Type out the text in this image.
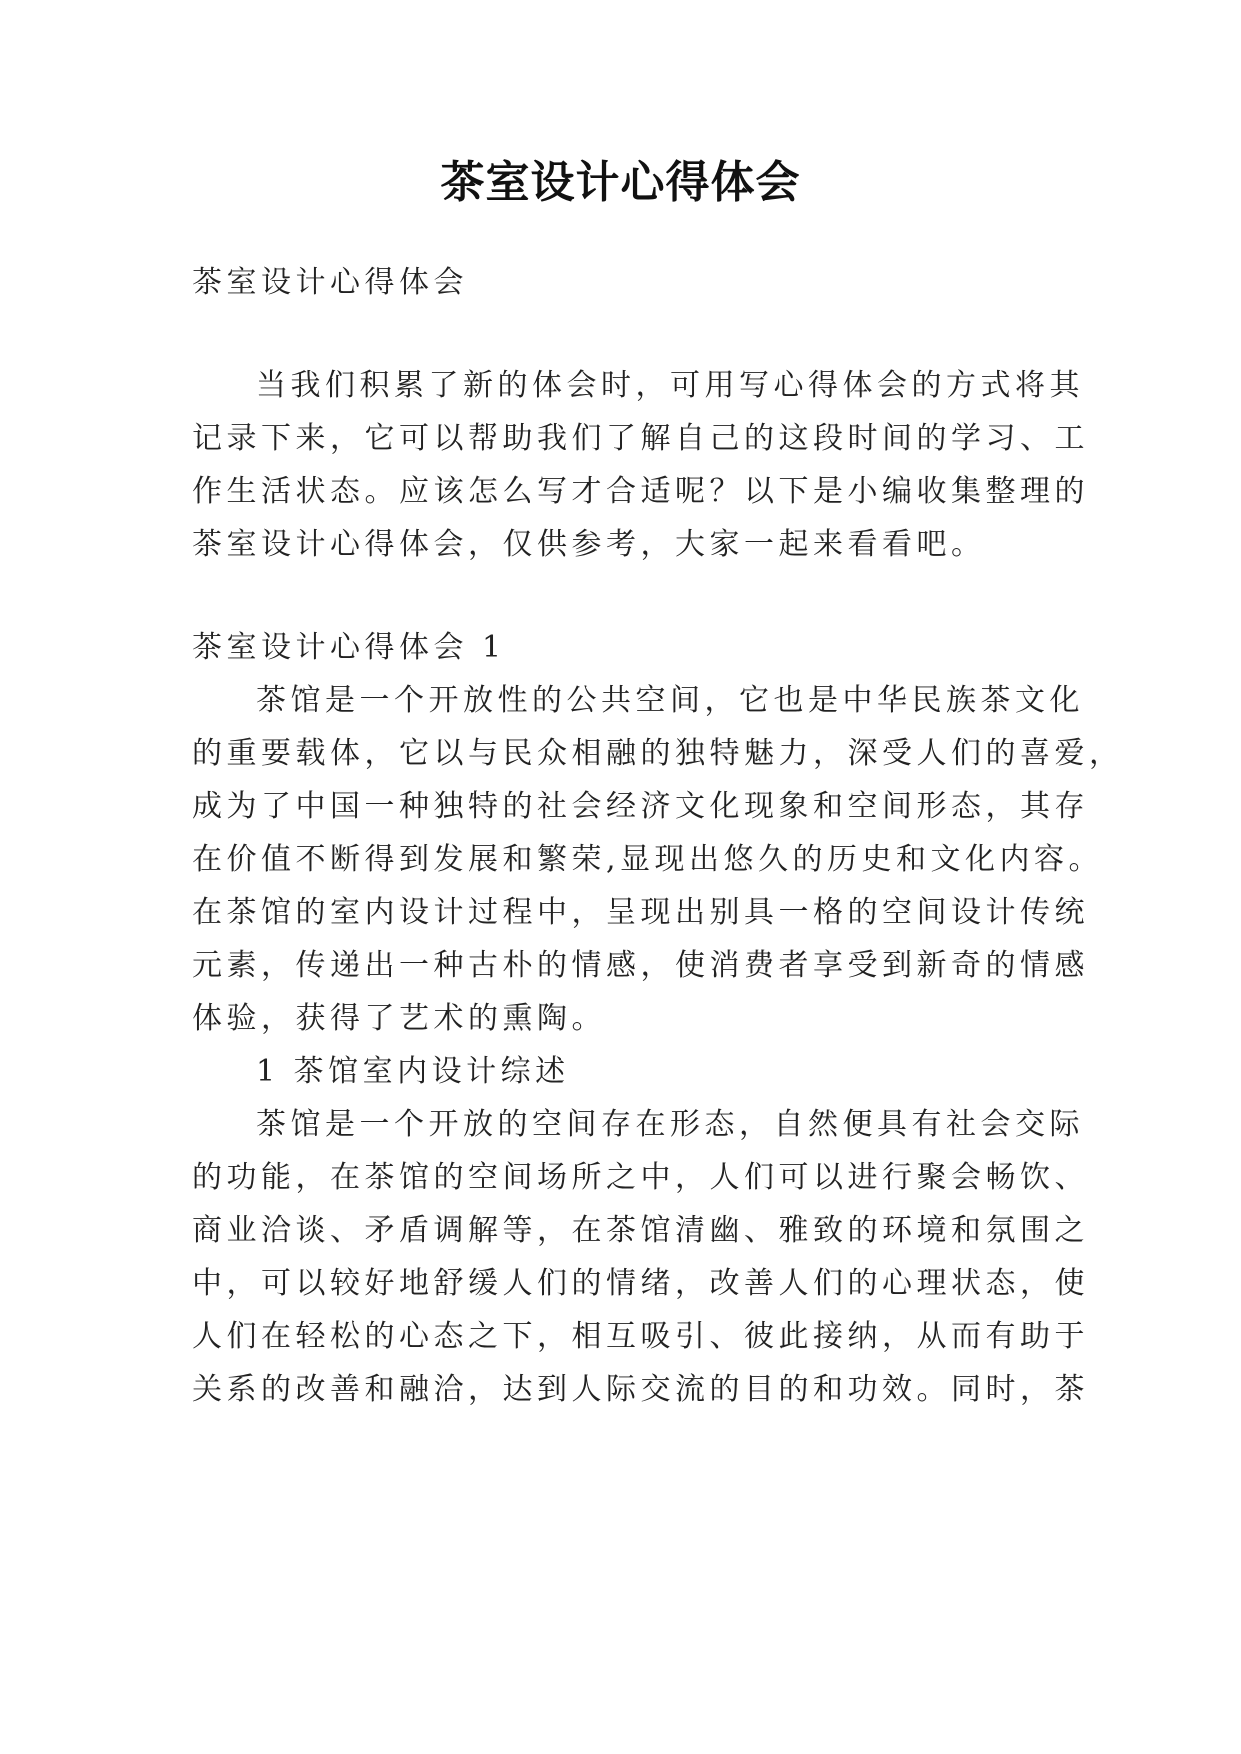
茶室设计心得体会

茶室设计心得体会

当我们积累了新的体会时，可用写心得体会的方式将其

记录下来，它可以帮助我们了解自己的这段时间的学习、工

作生活状态。应该怎么写才合适呢？以下是小编收集整理的

茶室设计心得体会，仅供参考，大家一起来看看吧。

茶室设计心得体会 1

茶馆是一个开放性的公共空间，它也是中华民族茶文化

的重要载体，它以与民众相融的独特魅力，深受人们的喜爱，

成为了中国一种独特的社会经济文化现象和空间形态，其存

在价值不断得到发展和繁荣,显现出悠久的历史和文化内容。

在茶馆的室内设计过程中，呈现出别具一格的空间设计传统

元素，传递出一种古朴的情感，使消费者享受到新奇的情感

体验，获得了艺术的熏陶。

1 茶馆室内设计综述

茶馆是一个开放的空间存在形态，自然便具有社会交际

的功能，在茶馆的空间场所之中，人们可以进行聚会畅饮、

商业洽谈、矛盾调解等，在茶馆清幽、雅致的环境和氛围之

中，可以较好地舒缓人们的情绪，改善人们的心理状态，使

人们在轻松的心态之下，相互吸引、彼此接纳，从而有助于

关系的改善和融洽，达到人际交流的目的和功效。同时，茶
